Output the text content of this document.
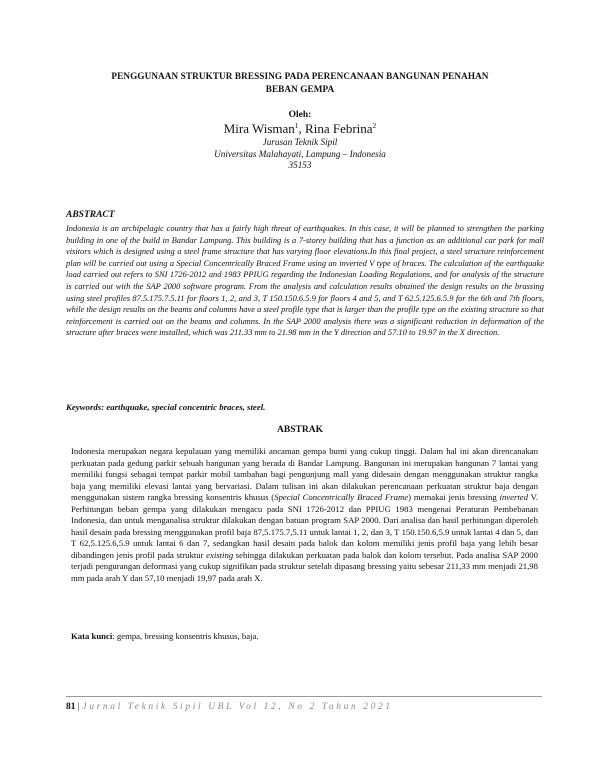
PENGGUNAAN STRUKTUR BRESSING PADA PERENCANAAN BANGUNAN PENAHAN
BEBAN GEMPA
Oleh:
Mira Wisman$^1$, Rina Febrina$^2$
Jurusan Teknik Sipil
Universitas Malahayati, Lampung – Indonesia
35153
ABSTRACT

Indonesia is an archipelagic country that has a fairly high threat of earthquakes. In this case, it will be planned to strengthen the parking building in one of the build in Bandar Lampung. This building is a 7-storey building that has a function as an additional car park for mall visitors which is designed using a steel frame structure that has varying floor elevations.In this final project, a steel structure reinforcement plan will be carried out using a Special Concentrically Braced Frame using an inverted V type of braces. The calculation of the earthquake load carried out refers to SNI 1726-2012 and 1983 PPIUG regarding the Indonesian Loading Regulations, and for analysis of the structure is carried out with the SAP 2000 software program. From the analysis and calculation results obtained the design results on the brassing using steel profiles 87.5.175.7.5.11 for floors 1, 2, and 3, T 150.150.6.5.9 for floors 4 and 5, and T 62.5.125.6.5.9 for the 6th and 7th floors, while the design results on the beams and columns have a steel profile type that is larger than the profile type on the existing structure so that reinforcement is carried out on the beams and columns. In the SAP 2000 analysis there was a significant reduction in deformation of the structure after braces were installed, which was 211.33 mm to 21.98 mm in the Y direction and 57.10 to 19.97 in the X direction.

Keywords: earthquake, special concentric braces, steel.
ABSTRAK

Indonesia merupakan negara kepulauan yang memiliki ancaman gempa bumi yang cukup tinggi. Dalam hal ini akan direncanakan perkuatan pada gedung parkir sebuah bangunan yang berada di Bandar Lampung. Bangunan ini merupakan bangunan 7 lantai yang memiliki fungsi sebagai tempat parkir mobil tambahan bagi pengunjung mall yang didesain dengan menggunakan struktur rangka baja yang memiliki elevasi lantai yang bervariasi. Dalam tulisan ini akan dilakukan perencanaan perkuatan struktur baja dengan menggunakan sistem rangka bressing konsentris khusus (Special Concentrically Braced Frame) memakai jenis bressing inverted V. Perhitungan beban gempa yang dilakukan mengacu pada SNI 1726-2012 dan PPIUG 1983 mengenai Peraturan Pembebanan Indonesia, dan untuk menganalisa struktur dilakukan dengan batuan program SAP 2000. Dari analisa dan hasil perhitungan diperoleh hasil desain pada bressing menggunakan profil baja 87,5.175.7,5.11 untuk lantai 1, 2, dan 3, T 150.150.6,5.9 untuk lantai 4 dan 5, dan T 62,5.125.6,5.9 untuk lantai 6 dan 7, sedangkan hasil desain pada balok dan kolom memiliki jenis profil baja yang lebih besar dibandingen jenis profil pada struktur existing sehingga dilakukan perkuatan pada balok dan kolom tersebut. Pada analisa SAP 2000 terjadi pengurangan deformasi yang cukup signifikan pada struktur setelah dipasang bressing yaitu sebesar 211,33 mm menjadi 21,98 mm pada arah Y dan 57,10 menjadi 19,97 pada arah X.

Kata kunci: gempa, bressing konsentris khusus, baja.
81 | Jurnal Teknik Sipil UBL Vol 12, No 2 Tahun 2021
